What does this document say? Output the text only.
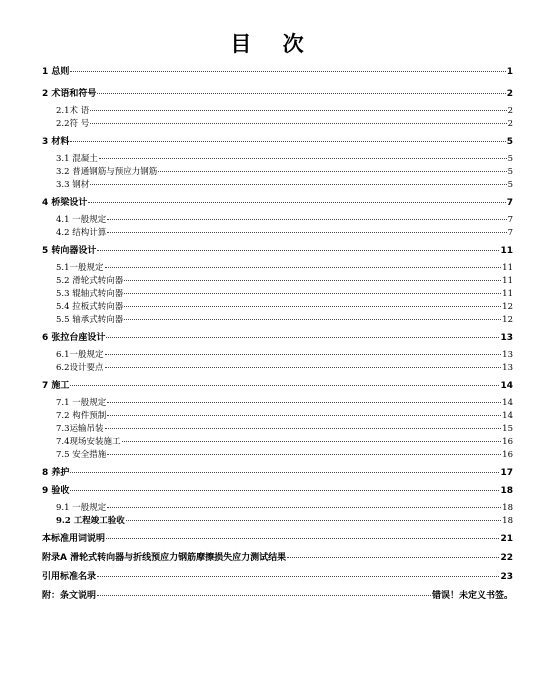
目 次
1 总则	1
2 术语和符号	2
2.1术 语	2
2.2符 号	2
3 材料	5
3.1 混凝土	5
3.2 普通钢筋与预应力钢筋	5
3.3 钢材	5
4 桥梁设计	7
4.1 一般规定	7
4.2 结构计算	7
5 转向器设计	11
5.1一般规定	11
5.2 滑轮式转向器	11
5.3 辊轴式转向器	11
5.4 拉板式转向器	12
5.5 轴承式转向器	12
6 张拉台座设计	13
6.1一般规定	13
6.2设计要点	13
7 施工	14
7.1 一般规定	14
7.2 构件预制	14
7.3运输吊装	15
7.4现场安装施工	16
7.5 安全措施	16
8 养护	17
9 验收	18
9.1 一般规定	18
9.2 工程竣工验收	18
本标准用词说明	21
附录A 滑轮式转向器与折线预应力钢筋摩擦损失应力测试结果	22
引用标准名录	23
附：条文说明	错误！未定义书签。
